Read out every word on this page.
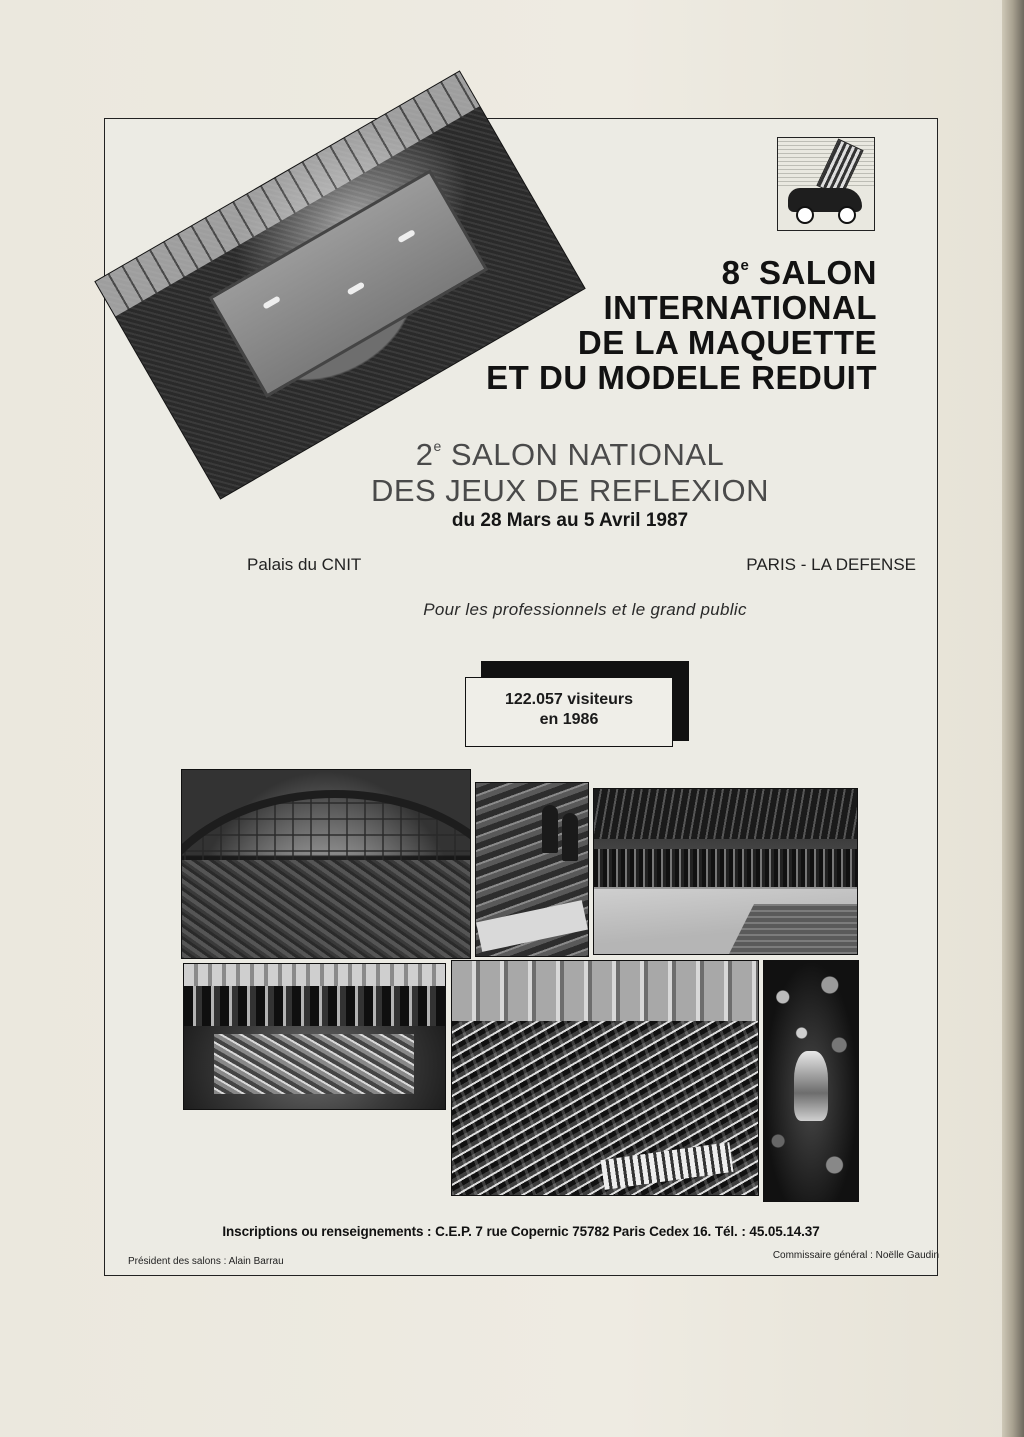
8e SALON
INTERNATIONAL
DE LA MAQUETTE
ET DU MODELE REDUIT
2e SALON NATIONAL
DES JEUX DE REFLEXION
du 28 Mars au 5 Avril 1987
Palais du CNIT	PARIS - LA DEFENSE
Pour les professionnels et le grand public
122.057 visiteurs
en 1986
Inscriptions ou renseignements : C.E.P. 7 rue Copernic 75782 Paris Cedex 16. Tél. : 45.05.14.37
Président des salons : Alain Barrau
Commissaire général : Noëlle Gaudin
